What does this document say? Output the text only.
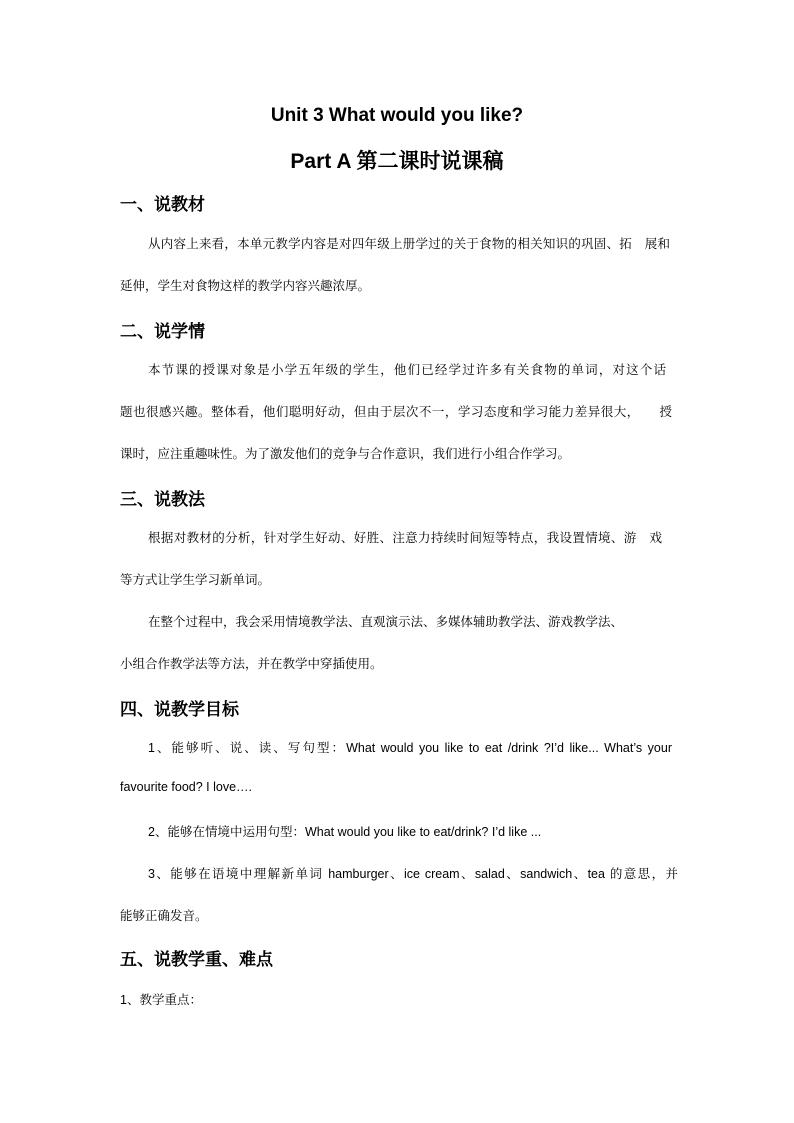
Unit 3 What would you like?
Part A 第二课时说课稿
一、说教材
从内容上来看，本单元教学内容是对四年级上册学过的关于食物的相关知识的巩固、拓　展和
延伸，学生对食物这样的教学内容兴趣浓厚。
二、说学情
本节课的授课对象是小学五年级的学生，他们已经学过许多有关食物的单词，对这个话
题也很感兴趣。整体看，他们聪明好动，但由于层次不一，学习态度和学习能力差异很大，　　授
课时，应注重趣味性。为了激发他们的竞争与合作意识，我们进行小组合作学习。
三、说教法
根据对教材的分析，针对学生好动、好胜、注意力持续时间短等特点，我设置情境、游　戏
等方式让学生学习新单词。
在整个过程中，我会采用情境教学法、直观演示法、多媒体辅助教学法、游戏教学法、
小组合作教学法等方法，并在教学中穿插使用。
四、说教学目标
1、能够听、说、读、写句型：What would you like to eat /drink ?I’d like... What’s your
favourite food? I love….
2、能够在情境中运用句型：What would you like to eat/drink? I’d like ...
3、能够在语境中理解新单词 hamburger、ice cream、salad、sandwich、tea 的意思，并
能够正确发音。
五、说教学重、难点
1、教学重点：
